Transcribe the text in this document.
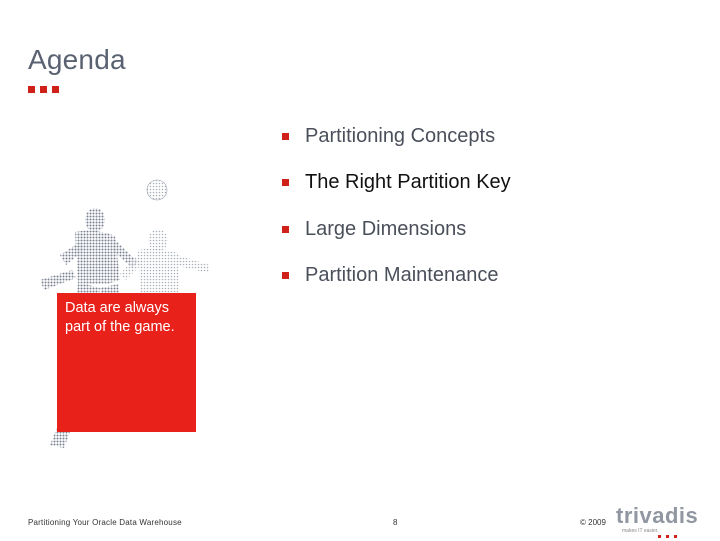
Agenda
Partitioning Concepts
The Right Partition Key
Large Dimensions
Partition Maintenance
Data are always part of the game.
Partitioning Your Oracle Data Warehouse	8	© 2009 trivadis
makes IT easier.
